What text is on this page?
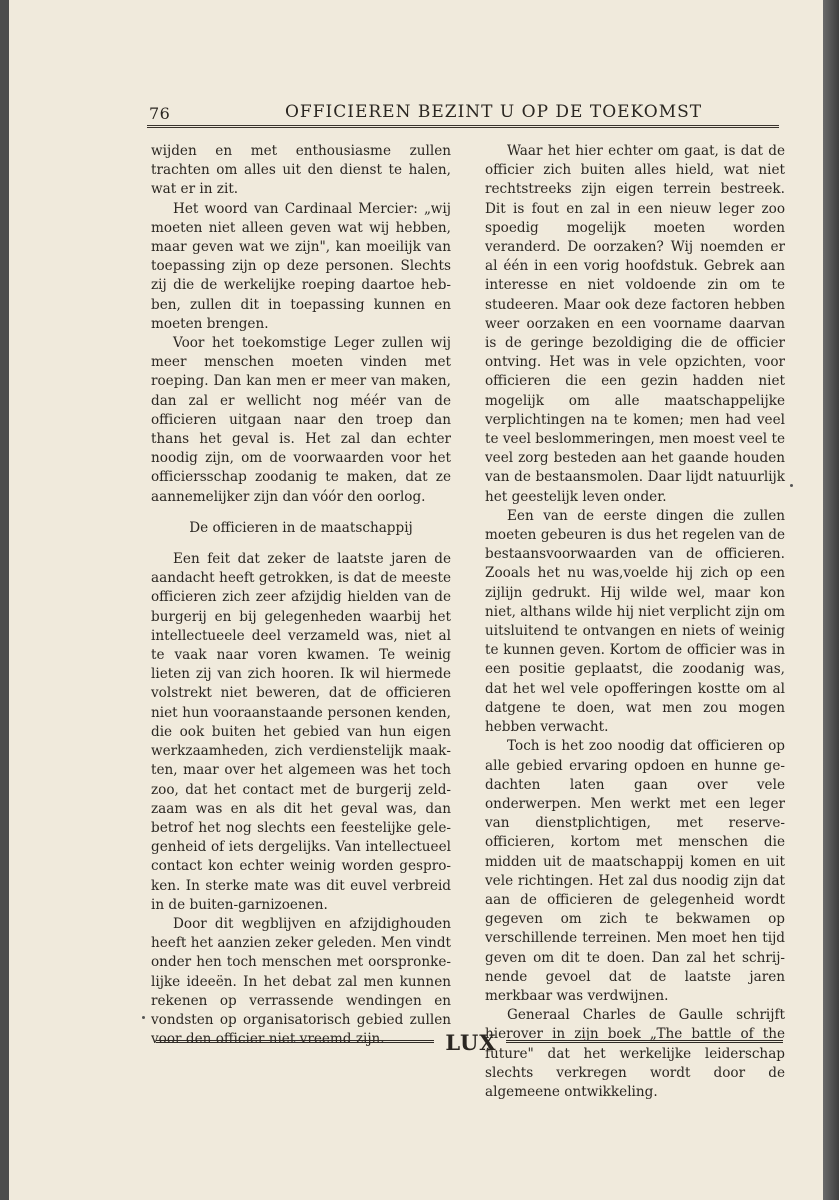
76	OFFICIEREN BEZINT U OP DE TOEKOMST

wijden en met enthousiasme zullen trachten om alles uit den dienst te halen, wat er in zit.

Het woord van Cardinaal Mercier: „wij moeten niet alleen geven wat wij hebben, maar geven wat we zijn", kan moeilijk van toepassing zijn op deze personen. Slechts zij die de werkelijke roeping daartoe hebben, zullen dit in toepassing kunnen en moeten brengen.

Voor het toekomstige Leger zullen wij meer menschen moeten vinden met roeping. Dan kan men er meer van maken, dan zal er wellicht nog méér van de officieren uitgaan naar den troep dan thans het geval is. Het zal dan echter noodig zijn, om de voorwaarden voor het officiersschap zoodanig te maken, dat ze aannemelijker zijn dan vóór den oorlog.

De officieren in de maatschappij

Een feit dat zeker de laatste jaren de aandacht heeft getrokken, is dat de meeste officieren zich zeer afzijdig hielden van de burgerij en bij gelegenheden waarbij het intellectueele deel verzameld was, niet al te vaak naar voren kwamen. Te weinig lieten zij van zich hooren. Ik wil hiermede volstrekt niet beweren, dat de officieren niet hun vooraanstaande personen kenden, die ook buiten het gebied van hun eigen werkzaamheden, zich verdienstelijk maakten, maar over het algemeen was het toch zoo, dat het contact met de burgerij zeldzaam was en als dit het geval was, dan betrof het nog slechts een feestelijke gelegenheid of iets dergelijks. Van intellectueel contact kon echter weinig worden gesproken. In sterke mate was dit euvel verbreid in de buiten-garnizoenen.

Door dit wegblijven en afzijdighouden heeft het aanzien zeker geleden. Men vindt onder hen toch menschen met oorspronkelijke ideeën. In het debat zal men kunnen rekenen op verrassende wendingen en vondsten op organisatorisch gebied zullen voor den officier niet vreemd zijn.

Waar het hier echter om gaat, is dat de officier zich buiten alles hield, wat niet rechtstreeks zijn eigen terrein bestreek. Dit is fout en zal in een nieuw leger zoo spoedig mogelijk moeten worden veranderd. De oorzaken? Wij noemden er al één in een vorig hoofdstuk. Gebrek aan interesse en niet voldoende zin om te studeeren. Maar ook deze factoren hebben weer oorzaken en een voorname daarvan is de geringe bezoldiging die de officier ontving. Het was in vele opzichten, voor officieren die een gezin hadden niet mogelijk om alle maatschappelijke verplichtingen na te komen; men had veel te veel beslommeringen, men moest veel te veel zorg besteden aan het gaande houden van de bestaansmolen. Daar lijdt natuurlijk het geestelijk leven onder.

Een van de eerste dingen die zullen moeten gebeuren is dus het regelen van de bestaansvoorwaarden van de officieren. Zooals het nu was,voelde hij zich op een zijlijn gedrukt. Hij wilde wel, maar kon niet, althans wilde hij niet verplicht zijn om uitsluitend te ontvangen en niets of weinig te kunnen geven. Kortom de officier was in een positie geplaatst, die zoodanig was, dat het wel vele opofferingen kostte om al datgene te doen, wat men zou mogen hebben verwacht.

Toch is het zoo noodig dat officieren op alle gebied ervaring opdoen en hunne gedachten laten gaan over vele onderwerpen. Men werkt met een leger van dienstplichtigen, met reserve-officieren, kortom met menschen die midden uit de maatschappij komen en uit vele richtingen. Het zal dus noodig zijn dat aan de officieren de gelegenheid wordt gegeven om zich te bekwamen op verschillende terreinen. Men moet hen tijd geven om dit te doen. Dan zal het schrijnende gevoel dat de laatste jaren merkbaar was verdwijnen.

Generaal Charles de Gaulle schrijft hierover in zijn boek „The battle of the future" dat het werkelijke leiderschap slechts verkregen wordt door de algemeene ontwikkeling.

LUX
